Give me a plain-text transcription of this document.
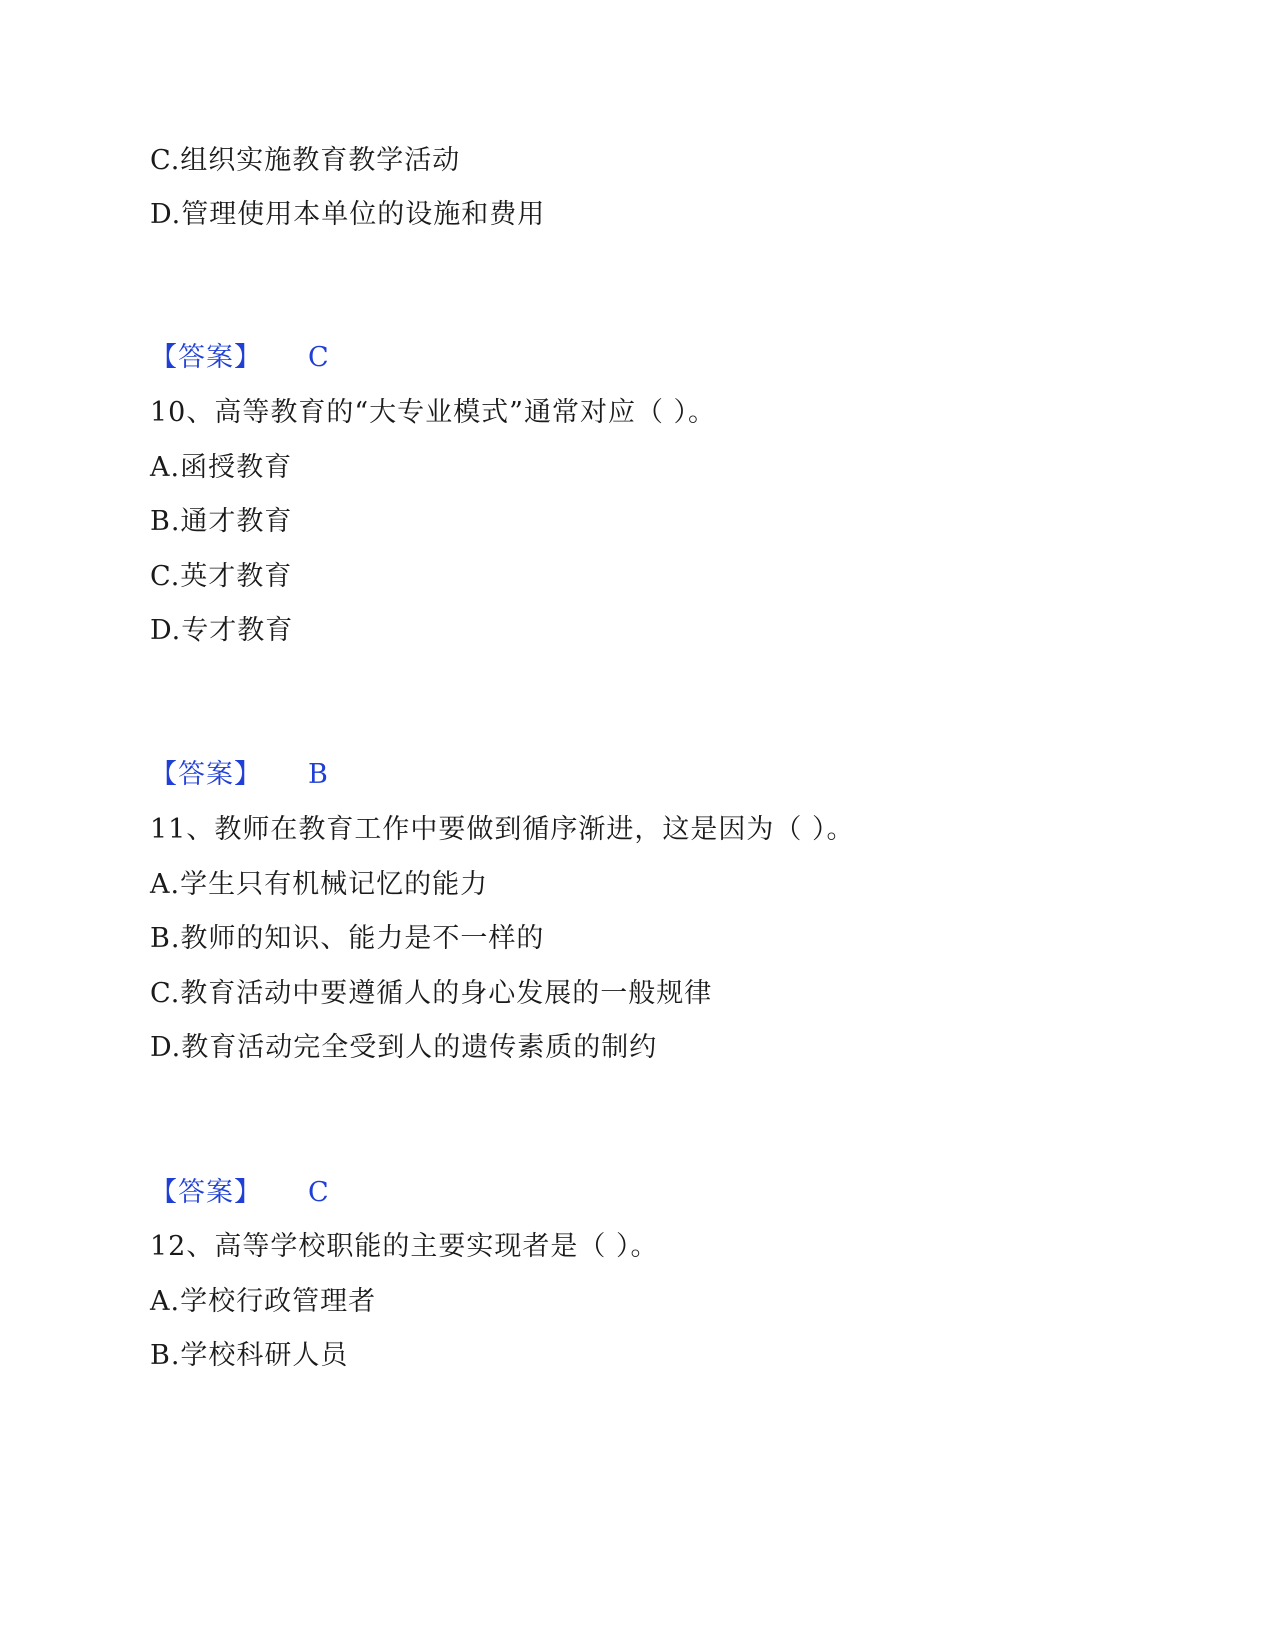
C.组织实施教育教学活动
D.管理使用本单位的设施和费用
【答案】 C
10、高等教育的“大专业模式”通常对应（ ）。
A.函授教育
B.通才教育
C.英才教育
D.专才教育
【答案】 B
11、教师在教育工作中要做到循序渐进，这是因为（ ）。
A.学生只有机械记忆的能力
B.教师的知识、能力是不一样的
C.教育活动中要遵循人的身心发展的一般规律
D.教育活动完全受到人的遗传素质的制约
【答案】 C
12、高等学校职能的主要实现者是（ ）。
A.学校行政管理者
B.学校科研人员
